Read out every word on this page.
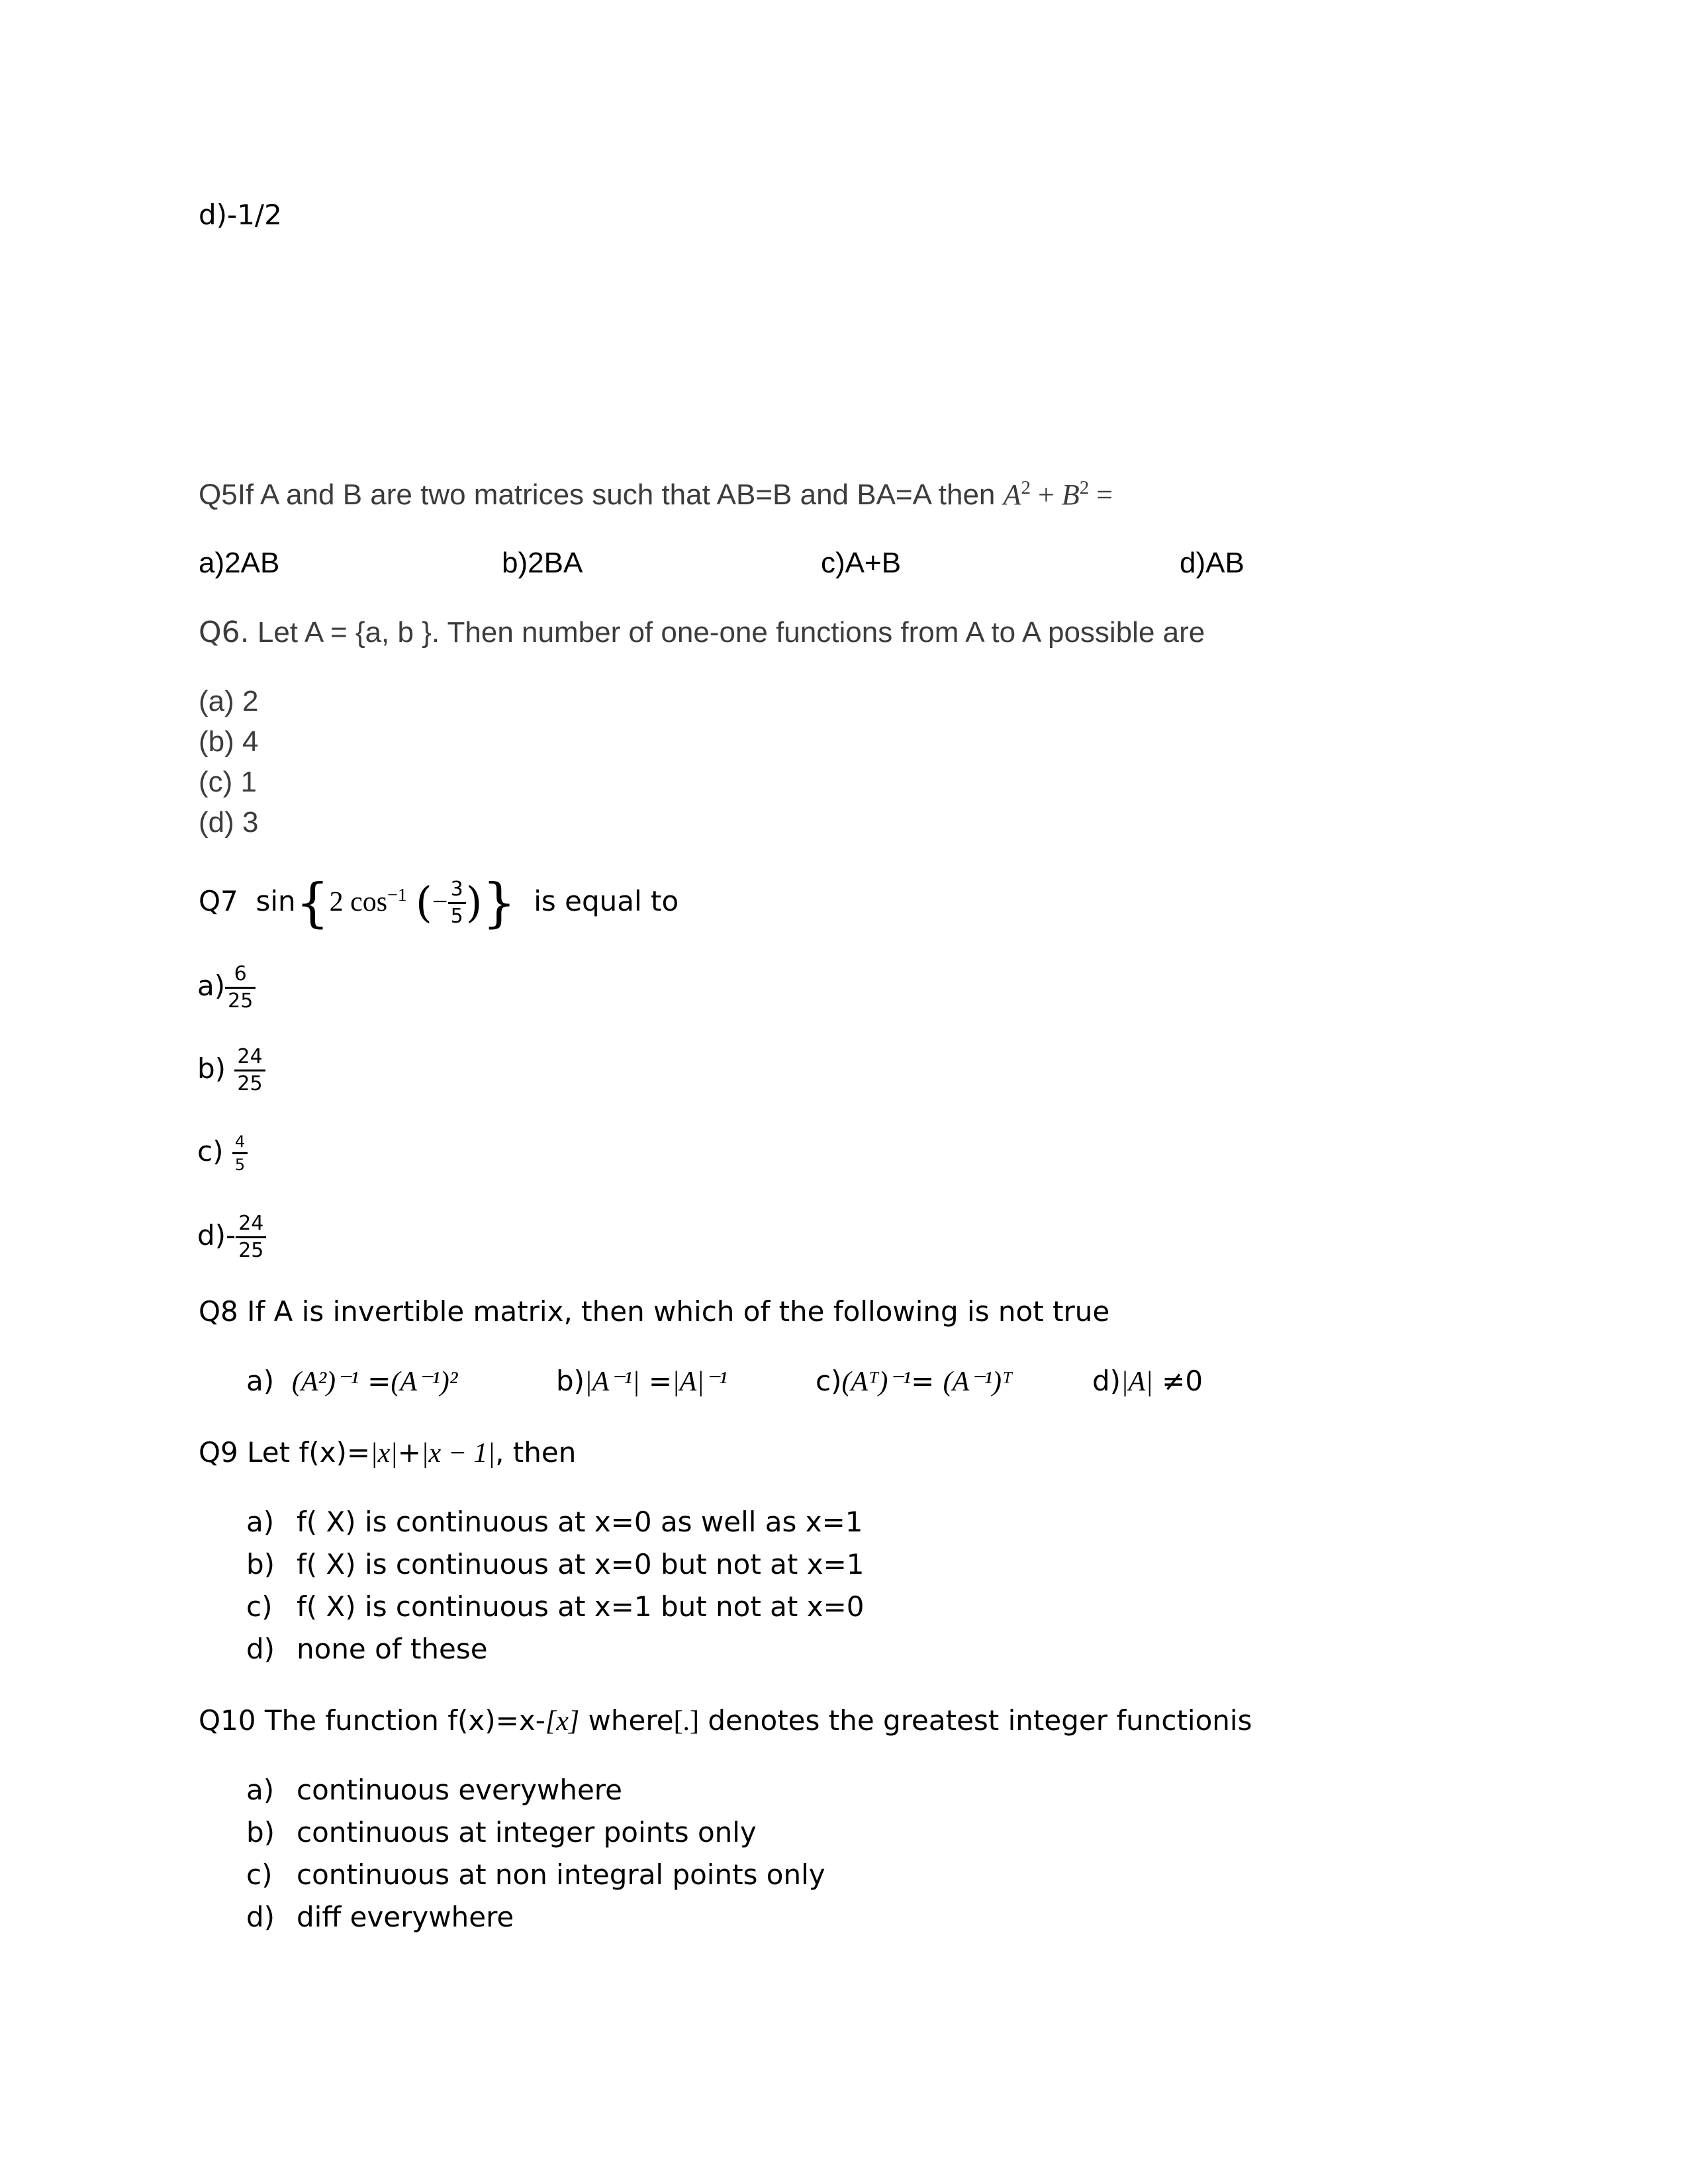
d)-1/2
Q5If A and B are two matrices such that AB=B and BA=A then $A^2 + B^2$ =
a)2AB	b)2BA	c)A+B	d)AB
Q6. Let A = {a, b }. Then number of one-one functions from A to A possible are
(a) 2
(b) 4
(c) 1
(d) 3
Q7 sin{2 $\cos^{-1}$ (− $\frac{3}{5}$ )} is equal to
$a) \frac{6}{25}$
$b) \frac{24}{25}$
$c) \frac{4}{5}$
$d)- \frac{24}{25}$
Q8 If A is invertible matrix, then which of the following is not true
a) (A²)⁻¹ =(A⁻¹)²	b)|A⁻¹| =|A|⁻¹	c)(Aᵀ)⁻¹= (A⁻¹)ᵀ	d)|A| ≠0
Q9 Let f(x)=|x|+|x − 1|, then
a) f( X) is continuous at x=0 as well as x=1
b) f( X) is continuous at x=0 but not at x=1
c) f( X) is continuous at x=1 but not at x=0
d) none of these
Q10 The function f(x)=x-[x] where[.] denotes the greatest integer functionis
a) continuous everywhere
b) continuous at integer points only
c) continuous at non integral points only
d) diff everywhere
